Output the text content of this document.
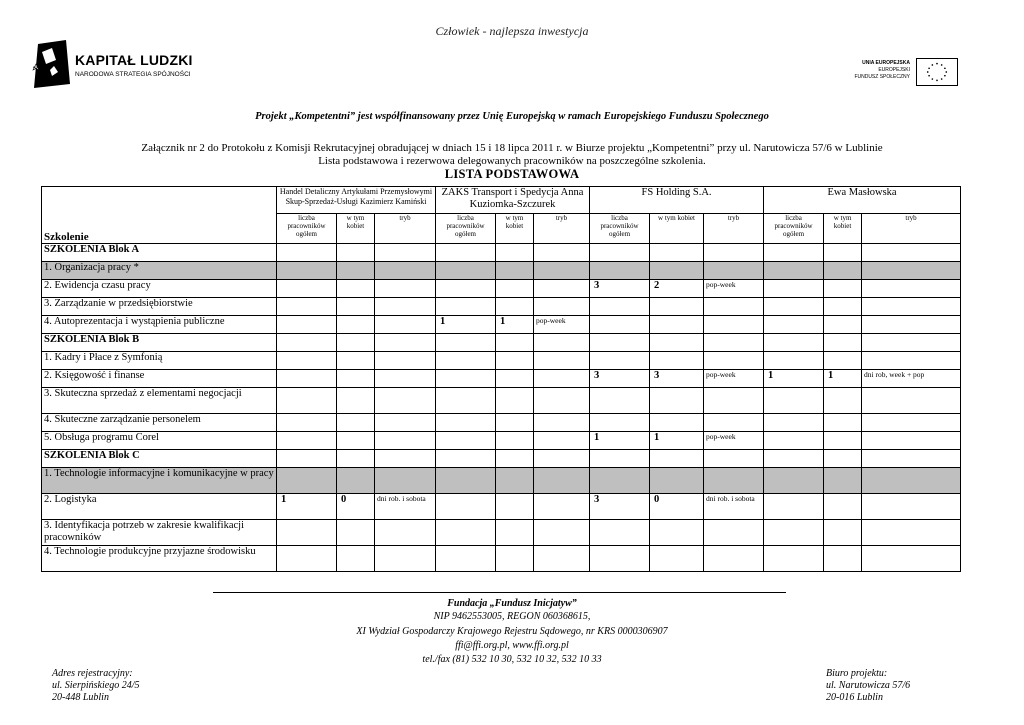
Człowiek - najlepsza inwestycja
KAPITAŁ LUDZKI
NARODOWA STRATEGIA SPÓJNOŚCI
UNIA EUROPEJSKA
EUROPEJSKI
FUNDUSZ SPOŁECZNY
Projekt „Kompetentni” jest współfinansowany przez Unię Europejską w ramach Europejskiego Funduszu Społecznego
Załącznik nr 2 do Protokołu z Komisji Rekrutacyjnej obradującej w dniach 15 i 18 lipca 2011 r. w Biurze projektu „Kompetentni” przy ul. Narutowicza 57/6 w Lublinie
Lista podstawowa i rezerwowa delegowanych pracowników na poszczególne szkolenia.
LISTA PODSTAWOWA
Szkolenie	Handel Detaliczny Artykułami Przemysłowymi Skup-Sprzedaż-Usługi Kazimierz Kamiński			ZAKS Transport i Spedycja Anna Kuziomka-Szczurek			FS Holding S.A.			Ewa Masłowska		
	liczba pracowników ogółem	w tym kobiet	tryb	liczba pracowników ogółem	w tym kobiet	tryb	liczba pracowników ogółem	w tym kobiet	tryb	liczba pracowników ogółem	w tym kobiet	tryb
SZKOLENIA Blok A												
1. Organizacja pracy *												
2. Ewidencja czasu pracy							3	2	pop-week			
3. Zarządzanie w przedsiębiorstwie												
4. Autoprezentacja i wystąpienia publiczne				1	1	pop-week						
SZKOLENIA Blok B												
1. Kadry i Płace z Symfonią												
2. Księgowość i finanse							3	3	pop-week	1	1	dni rob, week + pop
3. Skuteczna sprzedaż z elementami negocjacji												
4. Skuteczne zarządzanie personelem												
5. Obsługa programu Corel							1	1	pop-week			
SZKOLENIA Blok C												
1. Technologie informacyjne i komunikacyjne w pracy												
2. Logistyka	1	0	dni rob. i sobota				3	0	dni rob. i sobota			
3. Identyfikacja potrzeb w zakresie kwalifikacji pracowników												
4. Technologie produkcyjne przyjazne środowisku												
Fundacja „Fundusz Inicjatyw”
NIP 9462553005, REGON 060368615,
XI Wydział Gospodarczy Krajowego Rejestru Sądowego, nr KRS 0000306907
ffi@ffi.org.pl, www.ffi.org.pl
tel./fax (81) 532 10 30, 532 10 32, 532 10 33
Adres rejestracyjny:
ul. Sierpińskiego 24/5
20-448 Lublin
Biuro projektu:
ul. Narutowicza 57/6
20-016 Lublin
